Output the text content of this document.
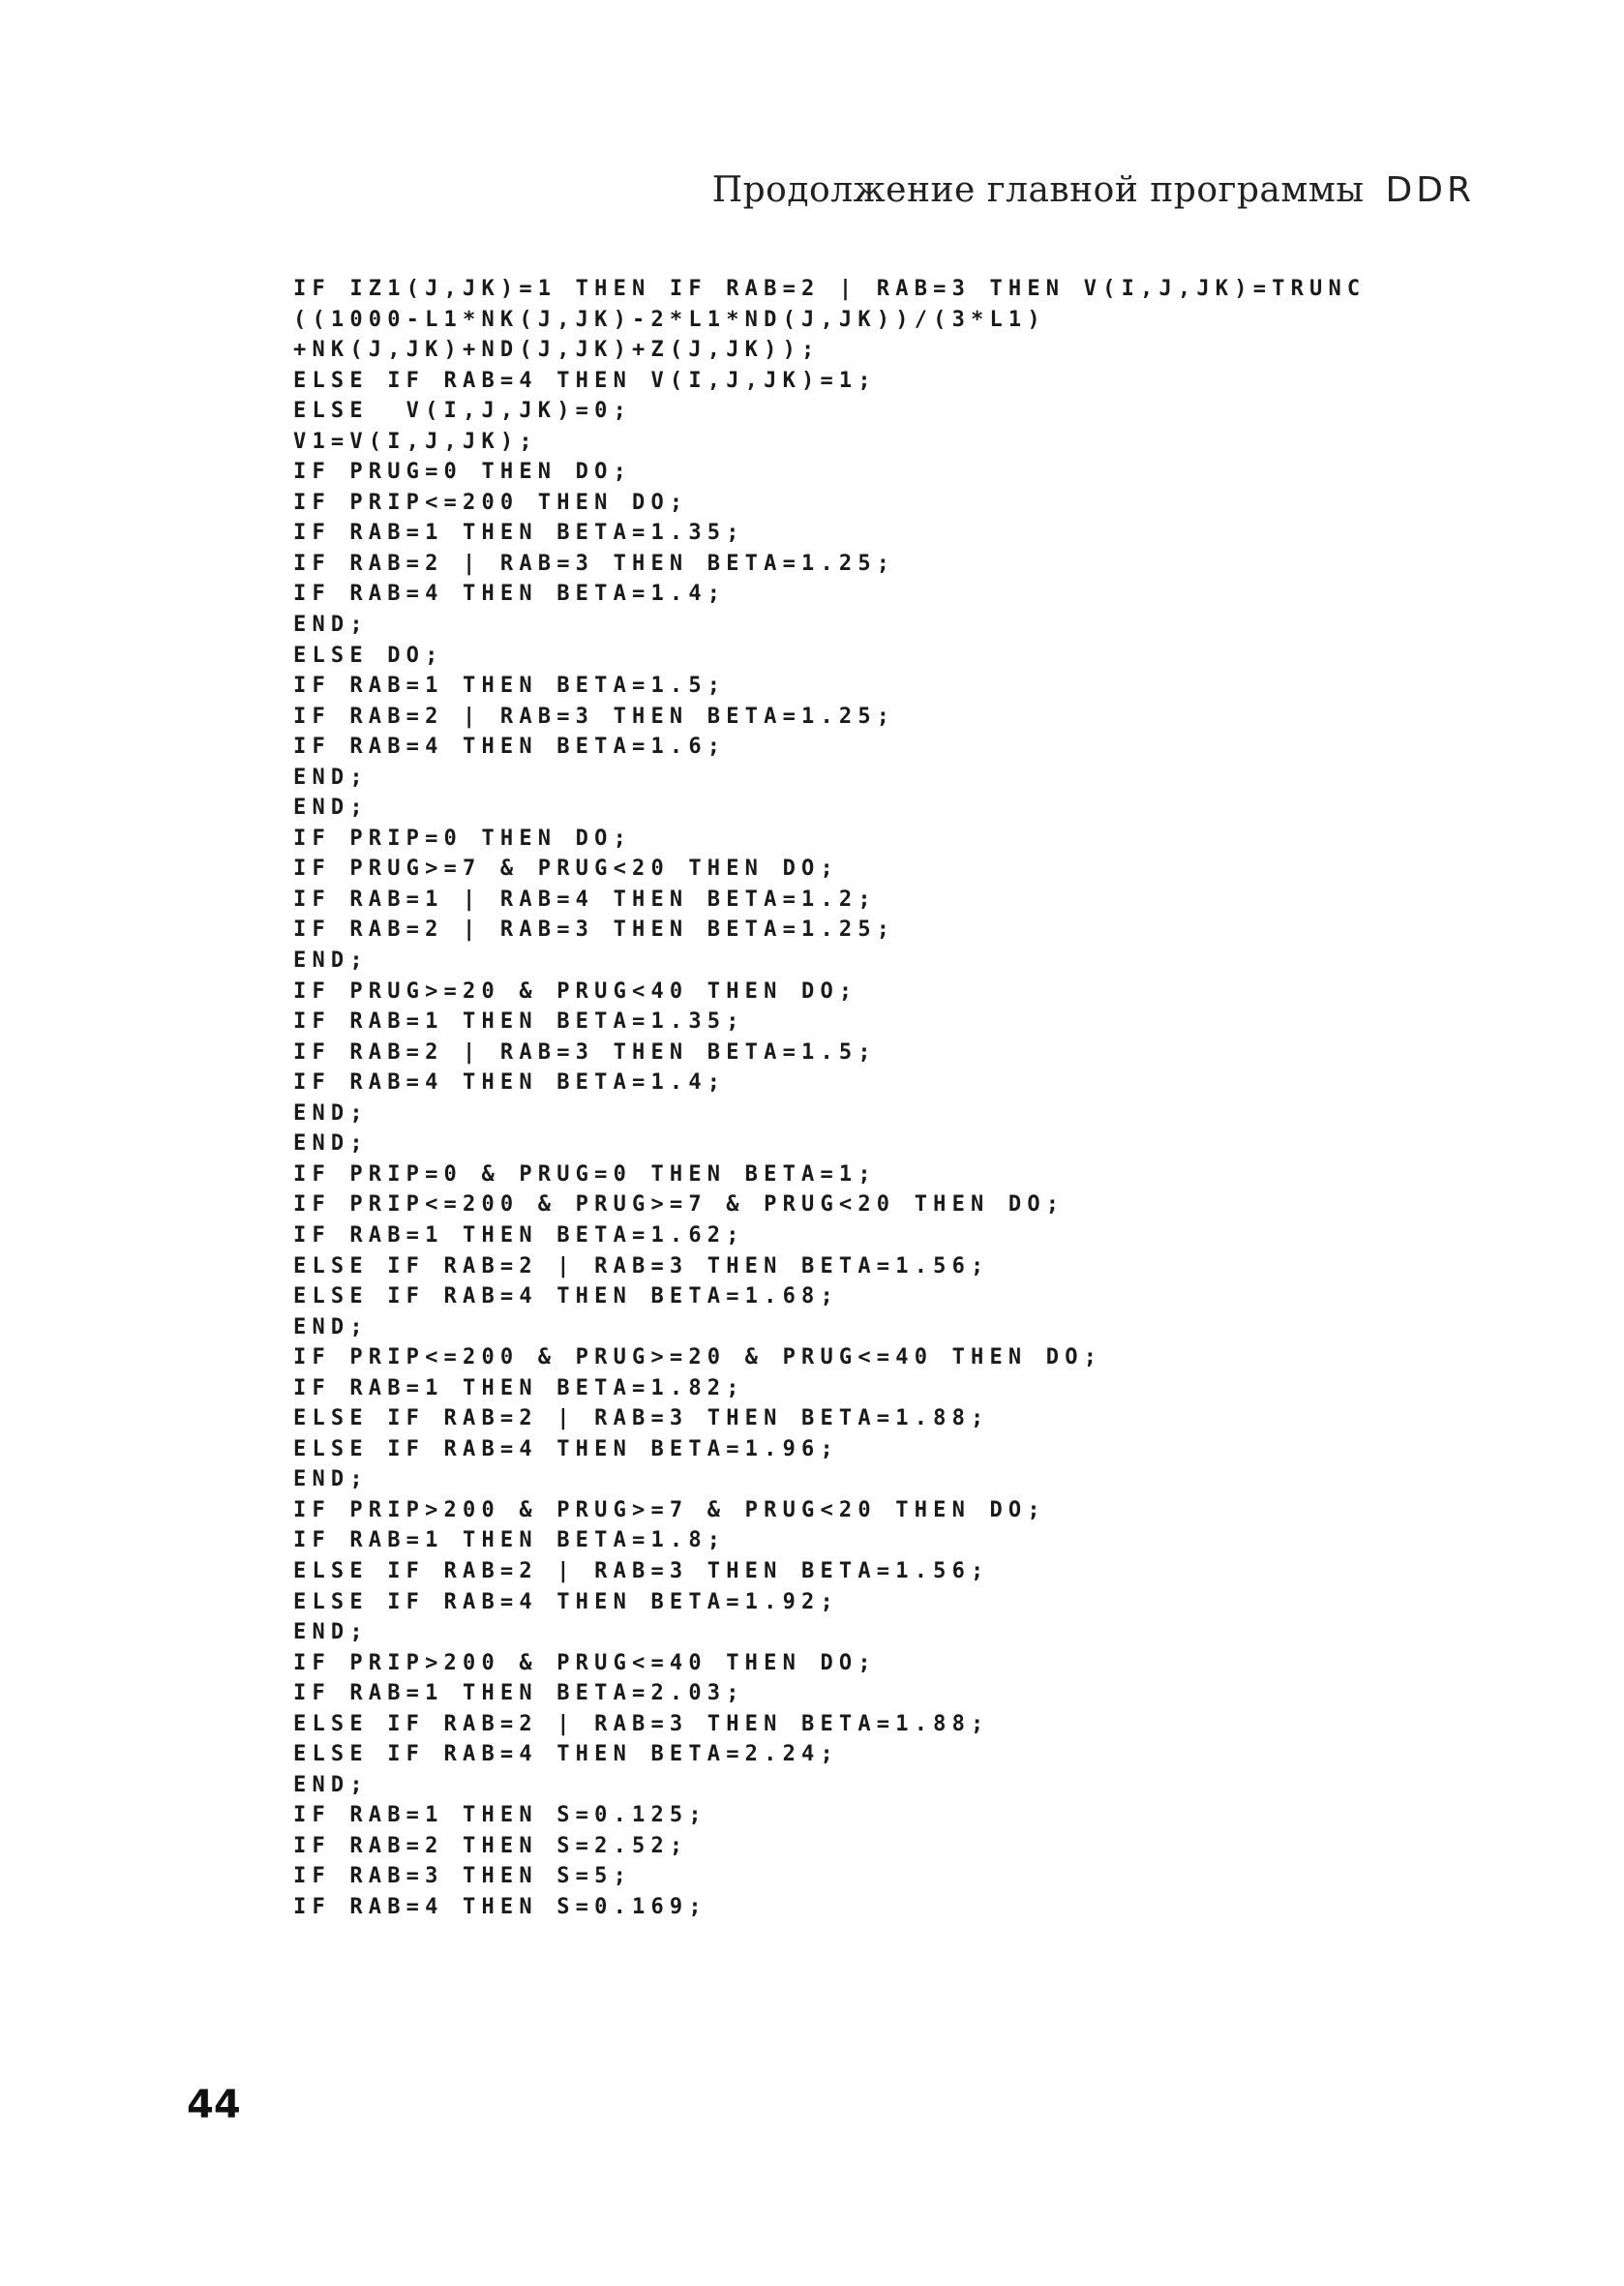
Продолжение главной программы DDR
IF IZ1(J,JK)=1 THEN IF RAB=2 | RAB=3 THEN V(I,J,JK)=TRUNC
((1000-L1*NK(J,JK)-2*L1*ND(J,JK))/(3*L1)
+NK(J,JK)+ND(J,JK)+Z(J,JK));
ELSE IF RAB=4 THEN V(I,J,JK)=1;
ELSE  V(I,J,JK)=0;
V1=V(I,J,JK);
IF PRUG=0 THEN DO;
IF PRIP<=200 THEN DO;
IF RAB=1 THEN BETA=1.35;
IF RAB=2 | RAB=3 THEN BETA=1.25;
IF RAB=4 THEN BETA=1.4;
END;
ELSE DO;
IF RAB=1 THEN BETA=1.5;
IF RAB=2 | RAB=3 THEN BETA=1.25;
IF RAB=4 THEN BETA=1.6;
END;
END;
IF PRIP=0 THEN DO;
IF PRUG>=7 & PRUG<20 THEN DO;
IF RAB=1 | RAB=4 THEN BETA=1.2;
IF RAB=2 | RAB=3 THEN BETA=1.25;
END;
IF PRUG>=20 & PRUG<40 THEN DO;
IF RAB=1 THEN BETA=1.35;
IF RAB=2 | RAB=3 THEN BETA=1.5;
IF RAB=4 THEN BETA=1.4;
END;
END;
IF PRIP=0 & PRUG=0 THEN BETA=1;
IF PRIP<=200 & PRUG>=7 & PRUG<20 THEN DO;
IF RAB=1 THEN BETA=1.62;
ELSE IF RAB=2 | RAB=3 THEN BETA=1.56;
ELSE IF RAB=4 THEN BETA=1.68;
END;
IF PRIP<=200 & PRUG>=20 & PRUG<=40 THEN DO;
IF RAB=1 THEN BETA=1.82;
ELSE IF RAB=2 | RAB=3 THEN BETA=1.88;
ELSE IF RAB=4 THEN BETA=1.96;
END;
IF PRIP>200 & PRUG>=7 & PRUG<20 THEN DO;
IF RAB=1 THEN BETA=1.8;
ELSE IF RAB=2 | RAB=3 THEN BETA=1.56;
ELSE IF RAB=4 THEN BETA=1.92;
END;
IF PRIP>200 & PRUG<=40 THEN DO;
IF RAB=1 THEN BETA=2.03;
ELSE IF RAB=2 | RAB=3 THEN BETA=1.88;
ELSE IF RAB=4 THEN BETA=2.24;
END;
IF RAB=1 THEN S=0.125;
IF RAB=2 THEN S=2.52;
IF RAB=3 THEN S=5;
IF RAB=4 THEN S=0.169;
44
